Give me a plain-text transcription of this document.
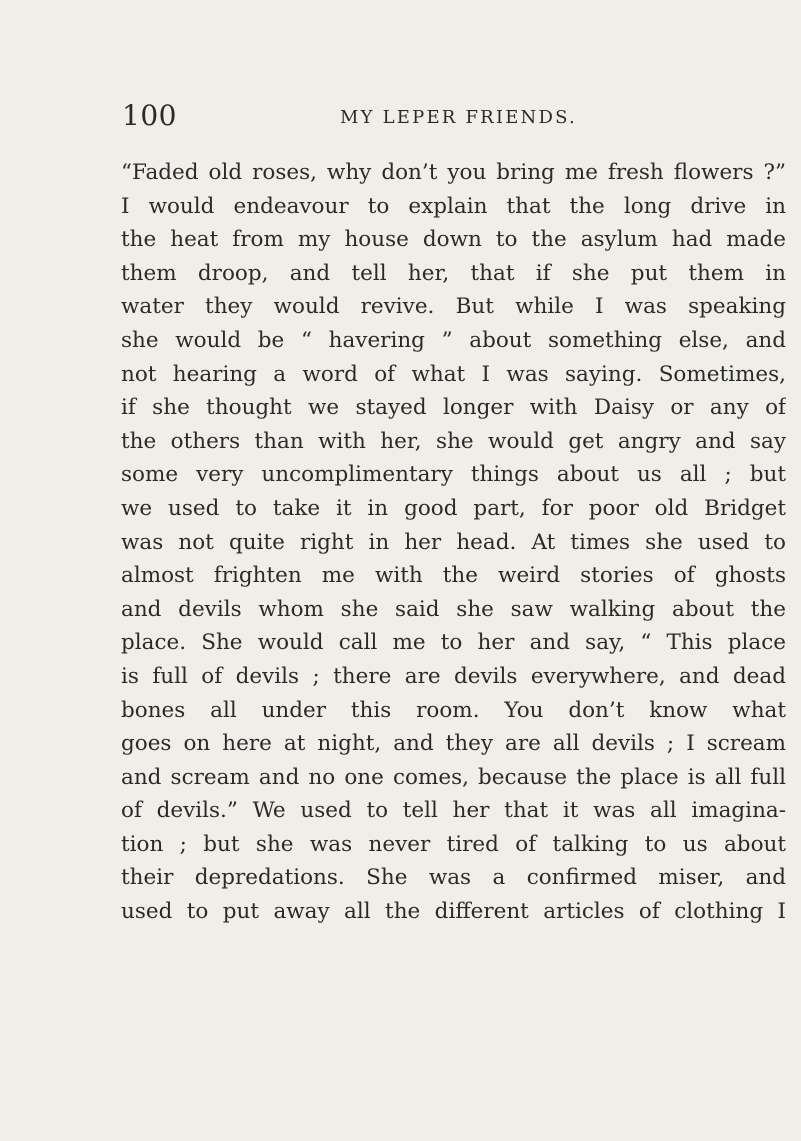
100	MY LEPER FRIENDS.
“Faded old roses, why don’t you bring me fresh flowers ?”
I would endeavour to explain that the long drive in
the heat from my house down to the asylum had made
them droop, and tell her, that if she put them in
water they would revive. But while I was speaking
she would be “ havering ” about something else, and
not hearing a word of what I was saying. Sometimes,
if she thought we stayed longer with Daisy or any of
the others than with her, she would get angry and say
some very uncomplimentary things about us all ; but
we used to take it in good part, for poor old Bridget
was not quite right in her head. At times she used to
almost frighten me with the weird stories of ghosts
and devils whom she said she saw walking about the
place. She would call me to her and say, “ This place
is full of devils ; there are devils everywhere, and dead
bones all under this room. You don’t know what
goes on here at night, and they are all devils ; I scream
and scream and no one comes, because the place is all full
of devils.” We used to tell her that it was all imagina-
tion ; but she was never tired of talking to us about
their depredations. She was a confirmed miser, and
used to put away all the different articles of clothing I
